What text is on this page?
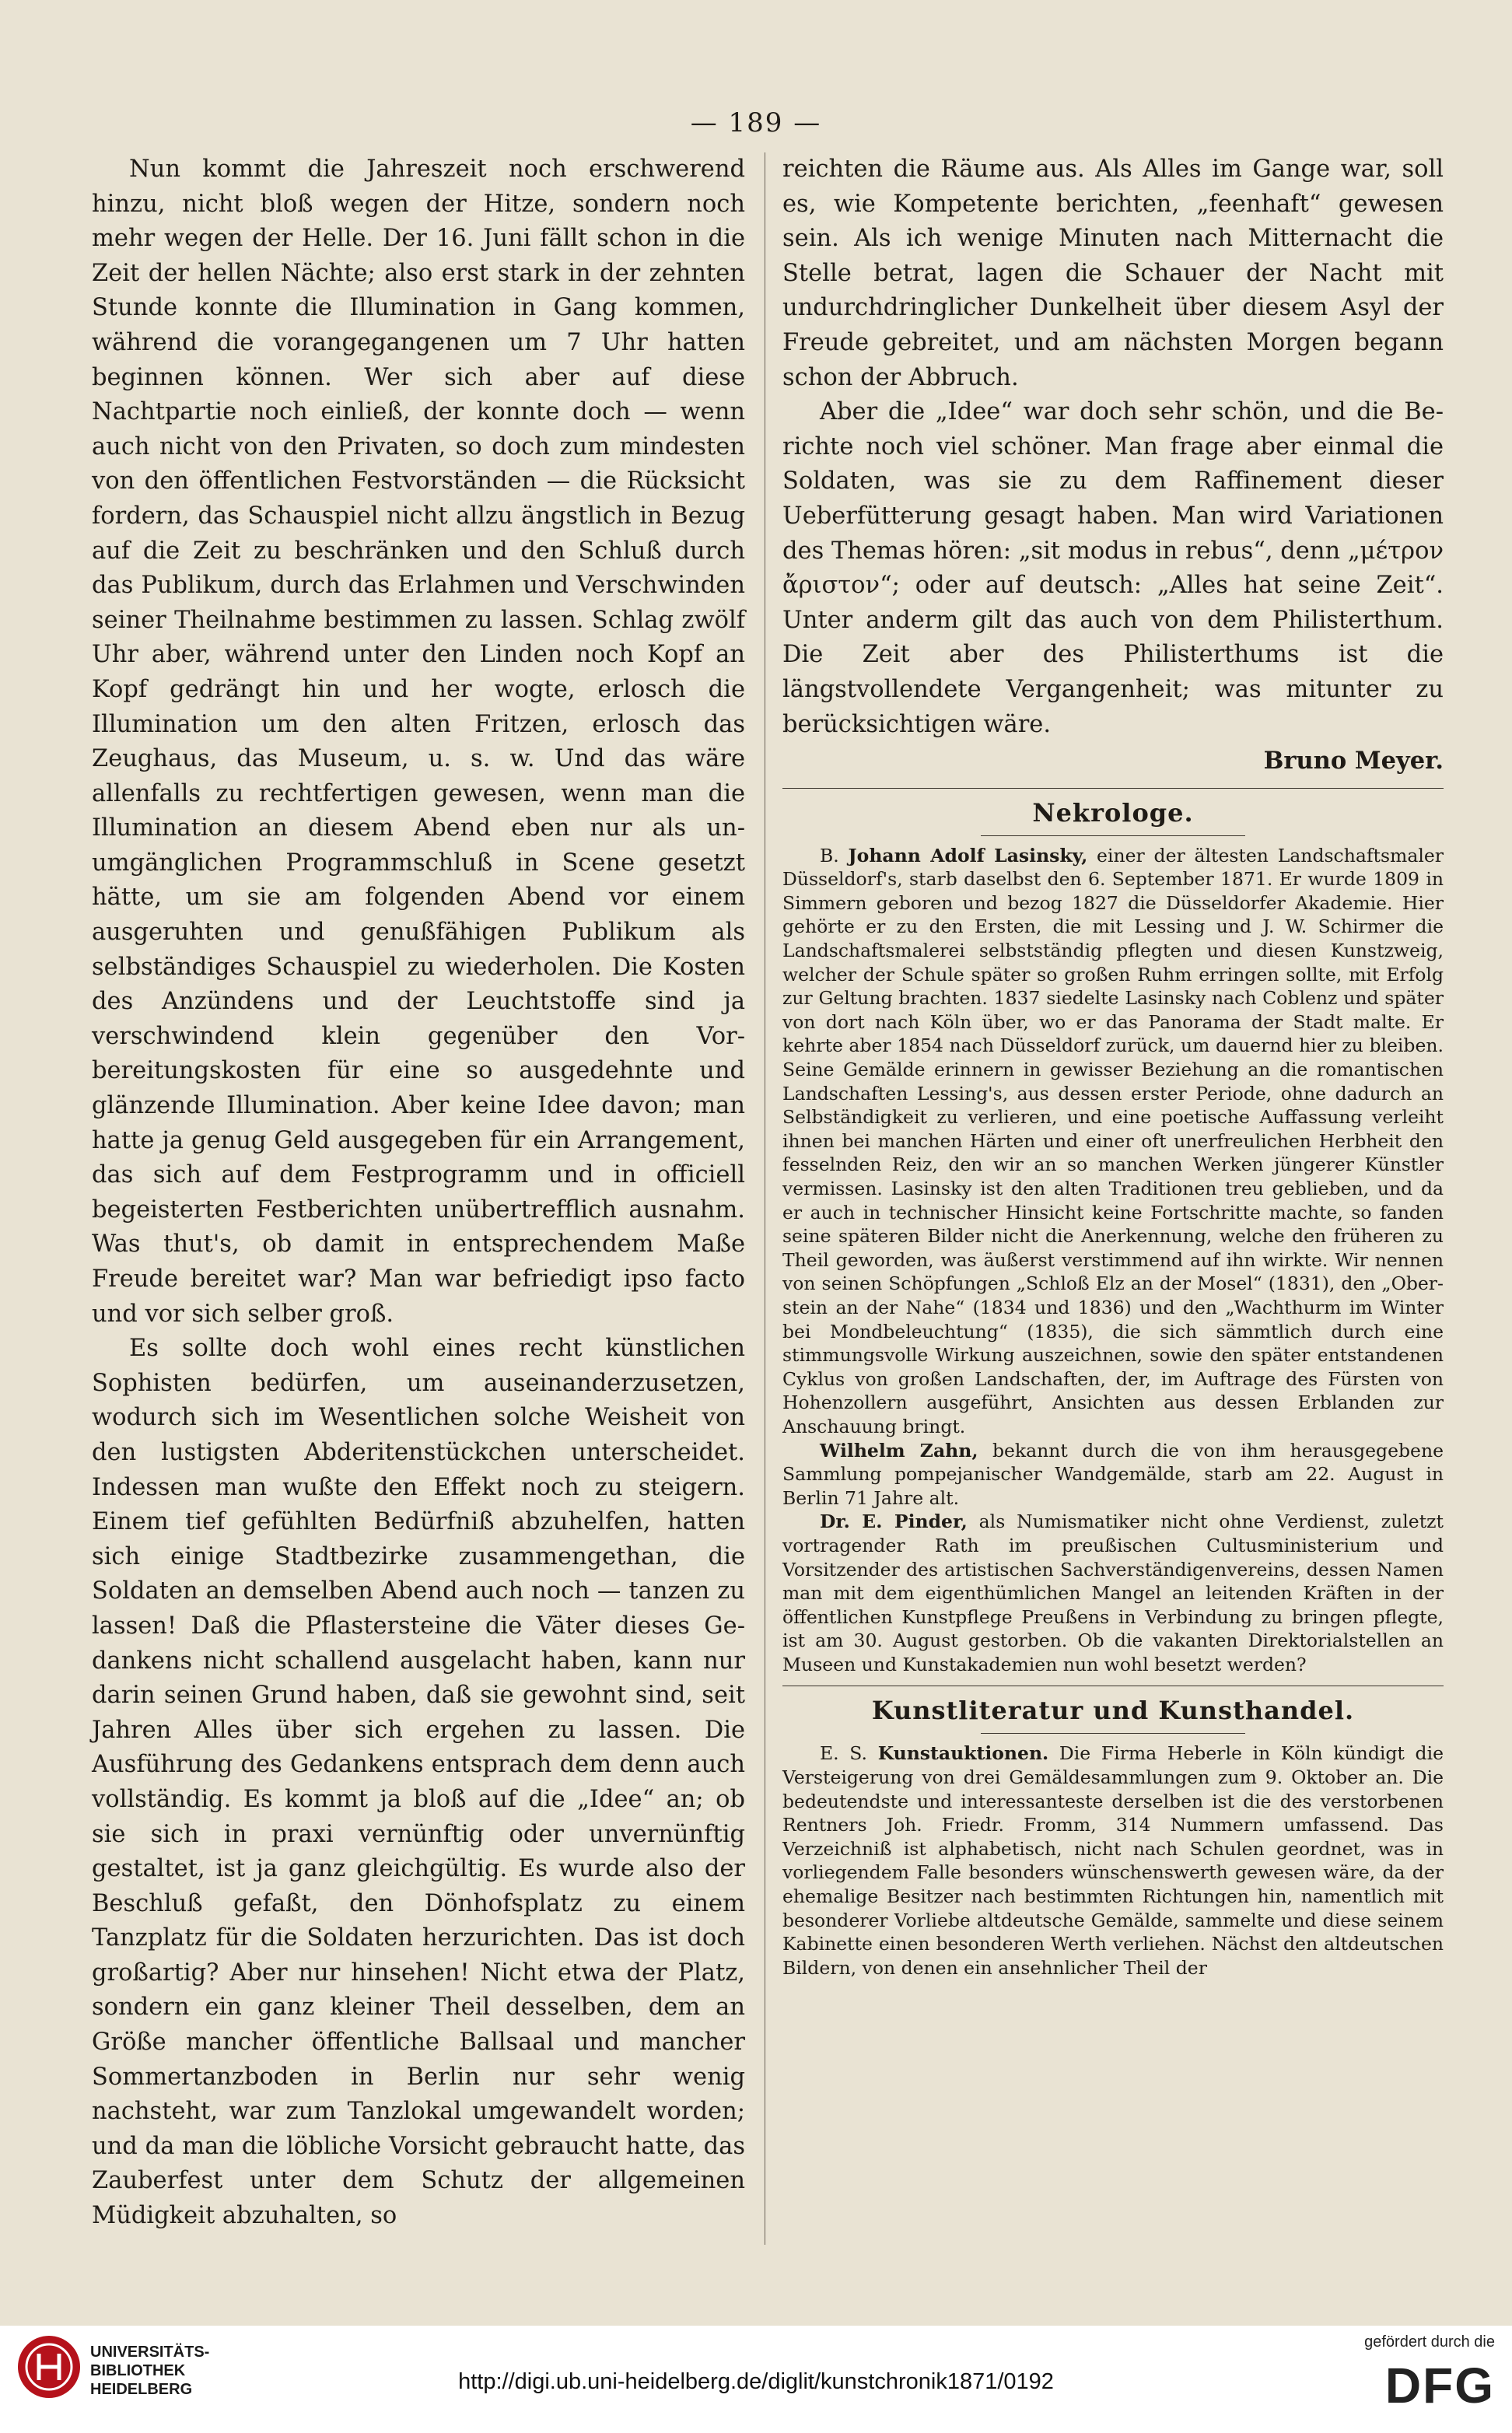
— 189 —

Nun kommt die Jahreszeit noch erschwerend hinzu, nicht bloß wegen der Hitze, sondern noch mehr wegen der Helle. Der 16. Juni fällt schon in die Zeit der hellen Nächte; also erst stark in der zehnten Stunde konnte die Illumination in Gang kommen, während die vorangegangenen um 7 Uhr hatten beginnen können. Wer sich aber auf diese Nachtpartie noch einließ, der konnte doch — wenn auch nicht von den Privaten, so doch zum mindesten von den öffentlichen Festvorständen — die Rücksicht fordern, das Schauspiel nicht allzu ängstlich in Bezug auf die Zeit zu beschränken und den Schluß durch das Publikum, durch das Erlahmen und Verschwinden seiner Theilnahme bestimmen zu lassen. Schlag zwölf Uhr aber, während unter den Linden noch Kopf an Kopf gedrängt hin und her wogte, erlosch die Illumination um den alten Fritzen, erlosch das Zeughaus, das Museum, u. s. w. Und das wäre allenfalls zu rechtfertigen gewesen, wenn man die Illumination an diesem Abend eben nur als unumgänglichen Programmschluß in Scene gesetzt hätte, um sie am folgenden Abend vor einem ausgeruhten und genußfähigen Publikum als selbständiges Schauspiel zu wiederholen. Die Kosten des Anzündens und der Leuchtstoffe sind ja verschwindend klein gegenüber den Vorbereitungskosten für eine so ausgedehnte und glänzende Illumination. Aber keine Idee davon; man hatte ja genug Geld ausgegeben für ein Arrangement, das sich auf dem Festprogramm und in officiell begeisterten Festberichten unübertrefflich ausnahm. Was thut's, ob damit in entsprechendem Maße Freude bereitet war? Man war befriedigt ipso facto und vor sich selber groß.

Es sollte doch wohl eines recht künstlichen Sophisten bedürfen, um auseinanderzusetzen, wodurch sich im Wesentlichen solche Weisheit von den lustigsten Abderitenstückchen unterscheidet. Indessen man wußte den Effekt noch zu steigern. Einem tief gefühlten Bedürfniß abzuhelfen, hatten sich einige Stadtbezirke zusammengethan, die Soldaten an demselben Abend auch noch — tanzen zu lassen! Daß die Pflastersteine die Väter dieses Gedankens nicht schallend ausgelacht haben, kann nur darin seinen Grund haben, daß sie gewohnt sind, seit Jahren Alles über sich ergehen zu lassen. Die Ausführung des Gedankens entsprach dem denn auch vollständig. Es kommt ja bloß auf die „Idee“ an; ob sie sich in praxi vernünftig oder unvernünftig gestaltet, ist ja ganz gleichgültig. Es wurde also der Beschluß gefaßt, den Dönhofsplatz zu einem Tanzplatz für die Soldaten herzurichten. Das ist doch großartig? Aber nur hinsehen! Nicht etwa der Platz, sondern ein ganz kleiner Theil desselben, dem an Größe mancher öffentliche Ballsaal und mancher Sommertanzboden in Berlin nur sehr wenig nachsteht, war zum Tanzlokal umgewandelt worden; und da man die löbliche Vorsicht gebraucht hatte, das Zauberfest unter dem Schutz der allgemeinen Müdigkeit abzuhalten, so

reichten die Räume aus. Als Alles im Gange war, soll es, wie Kompetente berichten, „feenhaft“ gewesen sein. Als ich wenige Minuten nach Mitternacht die Stelle betrat, lagen die Schauer der Nacht mit undurchdringlicher Dunkelheit über diesem Asyl der Freude gebreitet, und am nächsten Morgen begann schon der Abbruch.

Aber die „Idee“ war doch sehr schön, und die Berichte noch viel schöner. Man frage aber einmal die Soldaten, was sie zu dem Raffinement dieser Ueberfütterung gesagt haben. Man wird Variationen des Themas hören: „sit modus in rebus“, denn „μέτρον ἄριστον“; oder auf deutsch: „Alles hat seine Zeit“. Unter anderm gilt das auch von dem Philisterthum. Die Zeit aber des Philisterthums ist die längstvollendete Vergangenheit; was mitunter zu berücksichtigen wäre.

Bruno Meyer.
Nekrologe.

B. Johann Adolf Lasinsky, einer der ältesten Landschaftsmaler Düsseldorf's, starb daselbst den 6. September 1871. Er wurde 1809 in Simmern geboren und bezog 1827 die Düsseldorfer Akademie. Hier gehörte er zu den Ersten, die mit Lessing und J. W. Schirmer die Landschaftsmalerei selbstständig pflegten und diesen Kunstzweig, welcher der Schule später so großen Ruhm erringen sollte, mit Erfolg zur Geltung brachten. 1837 siedelte Lasinsky nach Coblenz und später von dort nach Köln über, wo er das Panorama der Stadt malte. Er kehrte aber 1854 nach Düsseldorf zurück, um dauernd hier zu bleiben. Seine Gemälde erinnern in gewisser Beziehung an die romantischen Landschaften Lessing's, aus dessen erster Periode, ohne dadurch an Selbständigkeit zu verlieren, und eine poetische Auffassung verleiht ihnen bei manchen Härten und einer oft unerfreulichen Herbheit den fesselnden Reiz, den wir an so manchen Werken jüngerer Künstler vermissen. Lasinsky ist den alten Traditionen treu geblieben, und da er auch in technischer Hinsicht keine Fortschritte machte, so fanden seine späteren Bilder nicht die Anerkennung, welche den früheren zu Theil geworden, was äußerst verstimmend auf ihn wirkte. Wir nennen von seinen Schöpfungen „Schloß Elz an der Mosel“ (1831), den „Oberstein an der Nahe“ (1834 und 1836) und den „Wachthurm im Winter bei Mondbeleuchtung“ (1835), die sich sämmtlich durch eine stimmungsvolle Wirkung auszeichnen, sowie den später entstandenen Cyklus von großen Landschaften, der, im Auftrage des Fürsten von Hohenzollern ausgeführt, Ansichten aus dessen Erblanden zur Anschauung bringt.

Wilhelm Zahn, bekannt durch die von ihm herausgegebene Sammlung pompejanischer Wandgemälde, starb am 22. August in Berlin 71 Jahre alt.

Dr. E. Pinder, als Numismatiker nicht ohne Verdienst, zuletzt vortragender Rath im preußischen Cultusministerium und Vorsitzender des artistischen Sachverständigenvereins, dessen Namen man mit dem eigenthümlichen Mangel an leitenden Kräften in der öffentlichen Kunstpflege Preußens in Verbindung zu bringen pflegte, ist am 30. August gestorben. Ob die vakanten Direktorialstellen an Museen und Kunstakademien nun wohl besetzt werden?

Kunstliteratur und Kunsthandel.

E. S. Kunstauktionen. Die Firma Heberle in Köln kündigt die Versteigerung von drei Gemäldesammlungen zum 9. Oktober an. Die bedeutendste und interessanteste derselben ist die des verstorbenen Rentners Joh. Friedr. Fromm, 314 Nummern umfassend. Das Verzeichniß ist alphabetisch, nicht nach Schulen geordnet, was in vorliegendem Falle besonders wünschenswerth gewesen wäre, da der ehemalige Besitzer nach bestimmten Richtungen hin, namentlich mit besonderer Vorliebe altdeutsche Gemälde, sammelte und diese seinem Kabinette einen besonderen Werth verliehen. Nächst den altdeutschen Bildern, von denen ein ansehnlicher Theil der

UNIVERSITÄTS-
BIBLIOTHEK
HEIDELBERG	http://digi.ub.uni-heidelberg.de/diglit/kunstchronik1871/0192
gefördert durch die
DFG
